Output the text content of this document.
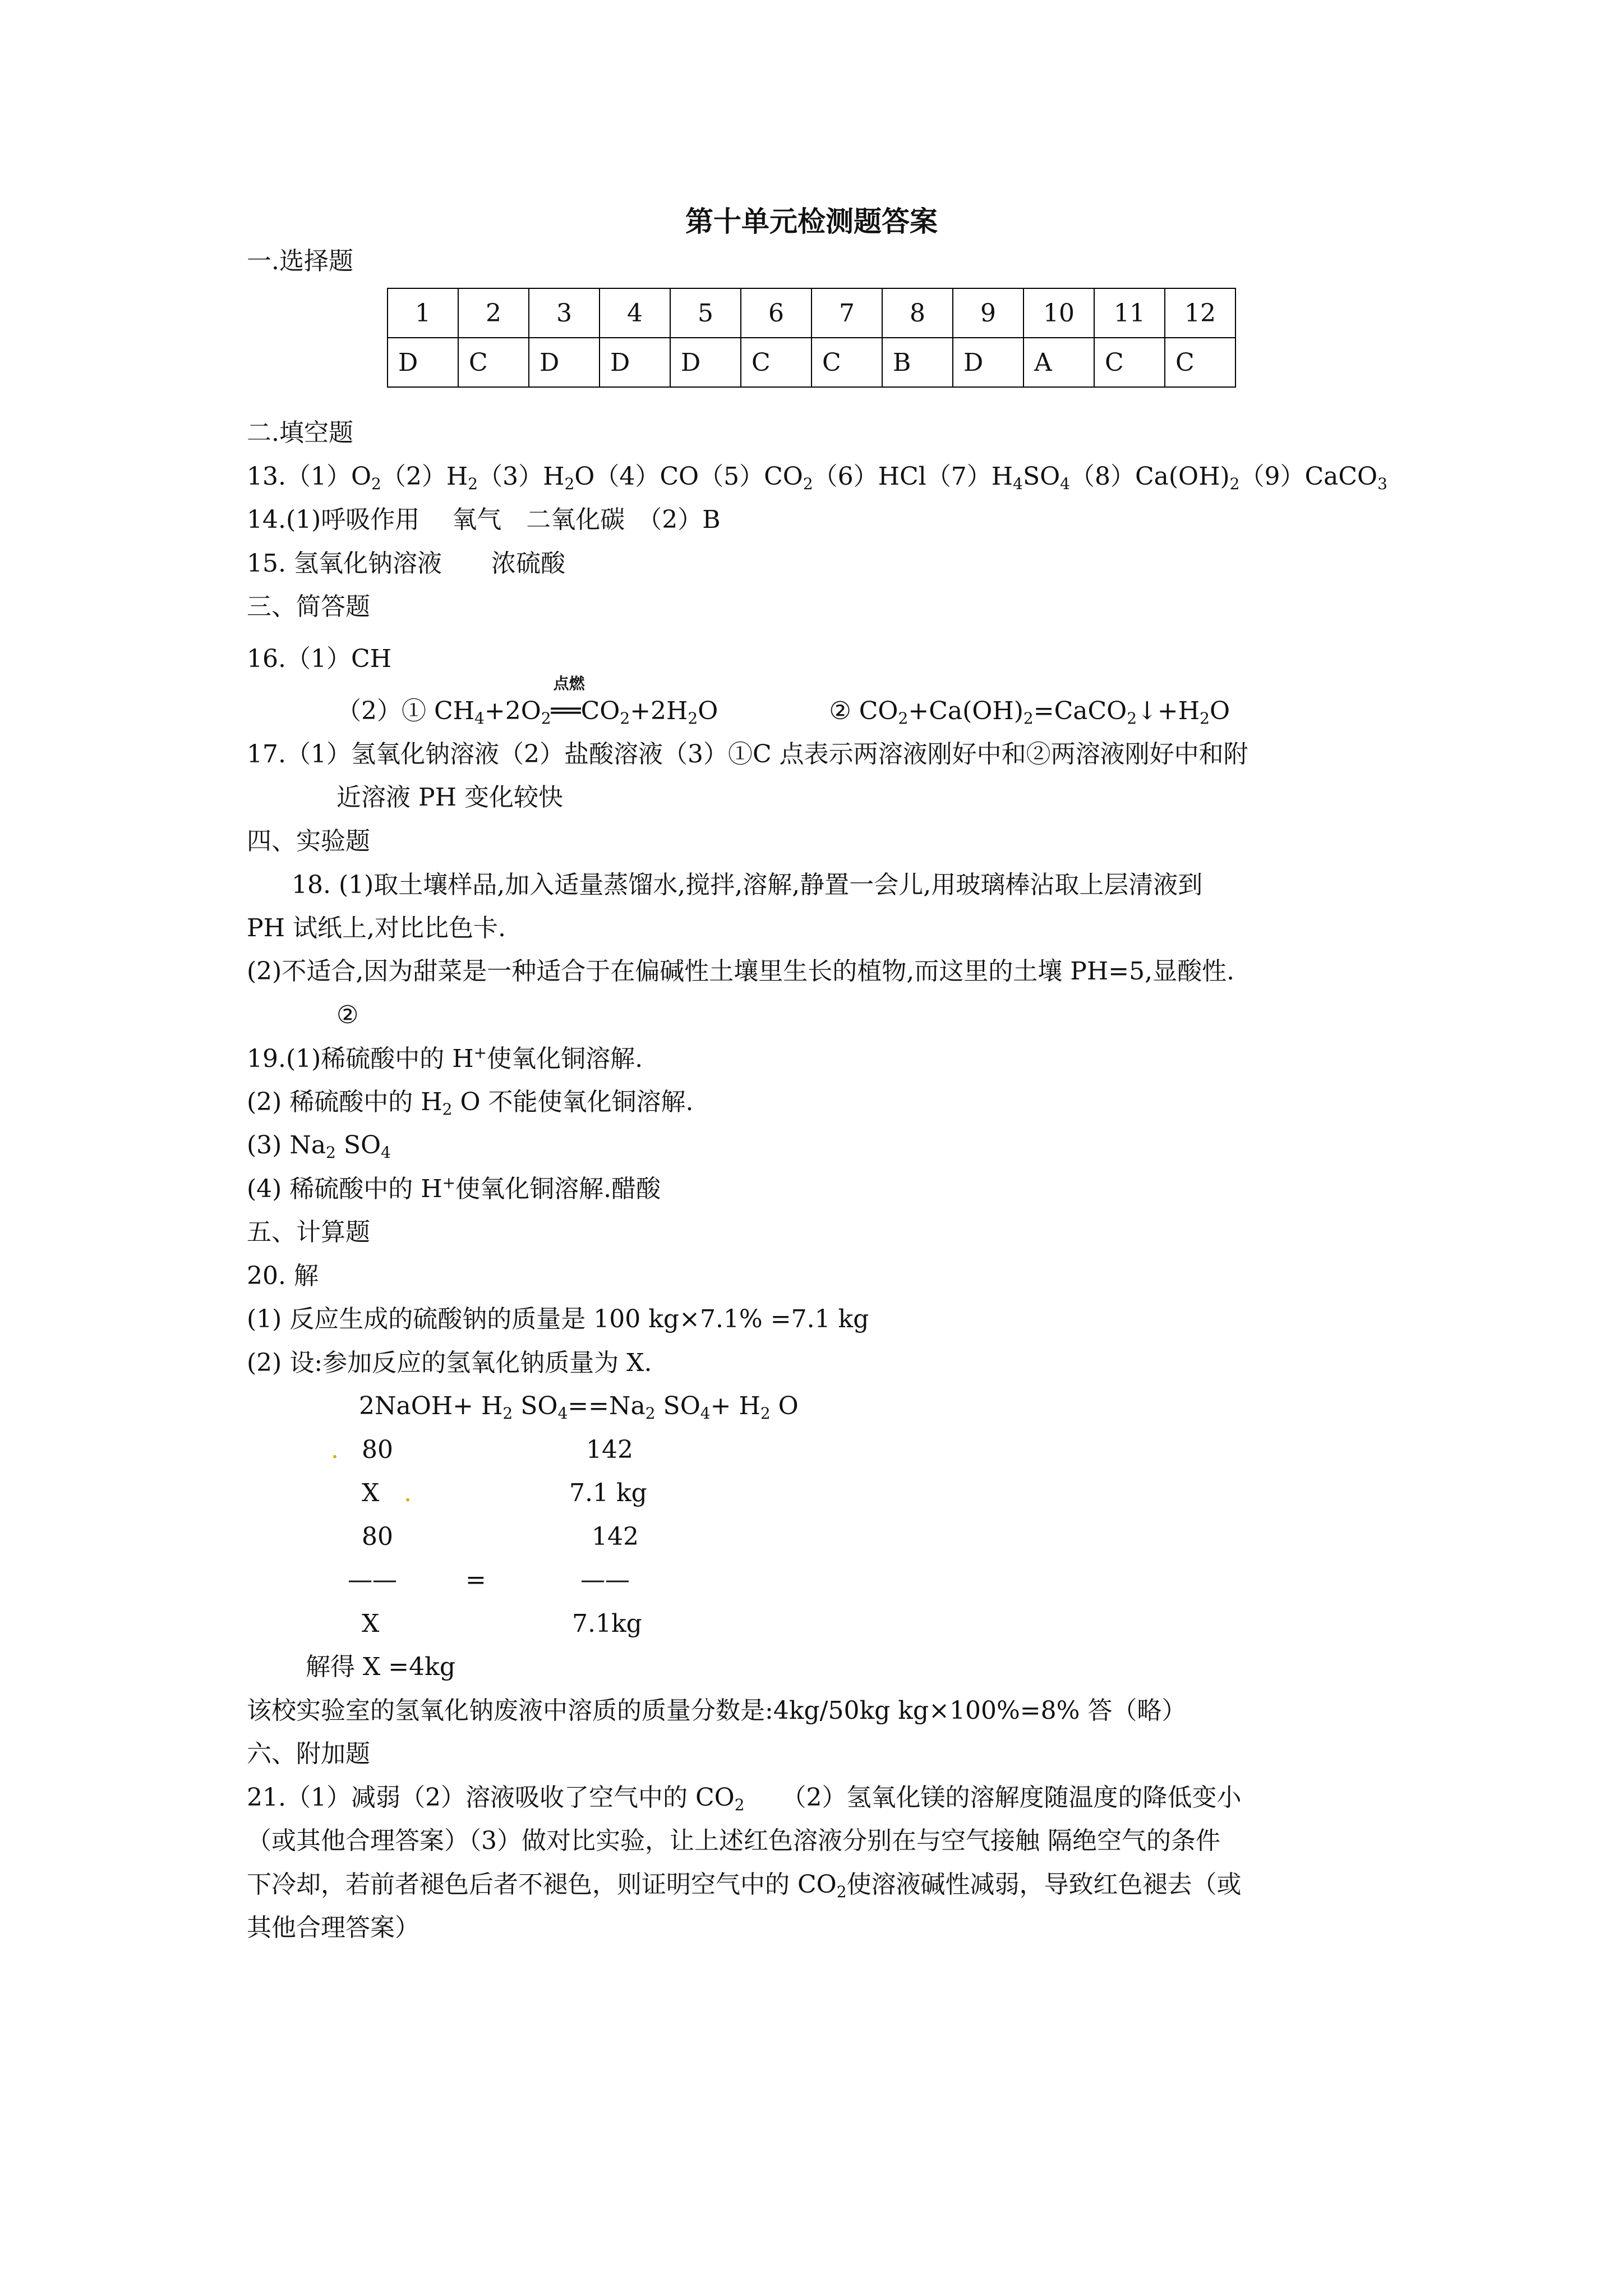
第十单元检测题答案
一.选择题
1	2	3	4	5	6	7	8	9	10	11	12
D	C	D	D	D	C	C	B	D	A	C	C
二.填空题
$13.(1)O_2(2)H_2(3)H_2O(4)CO(5)CO_2(6)HCl(7)H_4SO_4(8)Ca(OH)_2(9)CaCO_3$
14.(1)呼吸作用　 氧气　二氧化碳　（2）B
15. 氢氧化钠溶液　　浓硫酸
三、简答题
16.（1）CH
（2）① $CH_4+2O_2$
点燃
$══CO_2+2H_2O$	② $CO_2+Ca(OH)_2=CaCO_2↓+H_2O$
17.（1）氢氧化钠溶液（2）盐酸溶液（3）①C 点表示两溶液刚好中和②两溶液刚好中和附
近溶液 PH 变化较快
四、实验题
18. (1)取土壤样品,加入适量蒸馏水,搅拌,溶解,静置一会儿,用玻璃棒沾取上层清液到
PH 试纸上,对比比色卡.
(2)不适合,因为甜菜是一种适合于在偏碱性土壤里生长的植物,而这里的土壤 PH=5,显酸性.
②
19.(1)稀硫酸中的 H+使氧化铜溶解.
(2) 稀硫酸中的 $H_2$ O 不能使氧化铜溶解.
(3) $Na_2$ $SO_4$
(4) 稀硫酸中的 H+使氧化铜溶解.醋酸
五、计算题
20. 解
(1) 反应生成的硫酸钠的质量是 100 kg×7.1% =7.1 kg
(2) 设:参加反应的氢氧化钠质量为 X.
2NaOH+ $H_2$ $SO_4==Na_2$ $SO_4+ H_2$ O
. 80	142
X .	7.1 kg
80	142
——	=	——
X	7.1kg
解得 X =4kg
该校实验室的氢氧化钠废液中溶质的质量分数是:4kg/50kg kg×100%=8% 答（略）
六、附加题
21.（1）减弱（2）溶液吸收了空气中的 $CO_2$　　（2）氢氧化镁的溶解度随温度的降低变小
（或其他合理答案）（3）做对比实验，让上述红色溶液分别在与空气接触 隔绝空气的条件
下冷却，若前者褪色后者不褪色，则证明空气中的 $CO_2$使溶液碱性减弱，导致红色褪去（或
其他合理答案）
